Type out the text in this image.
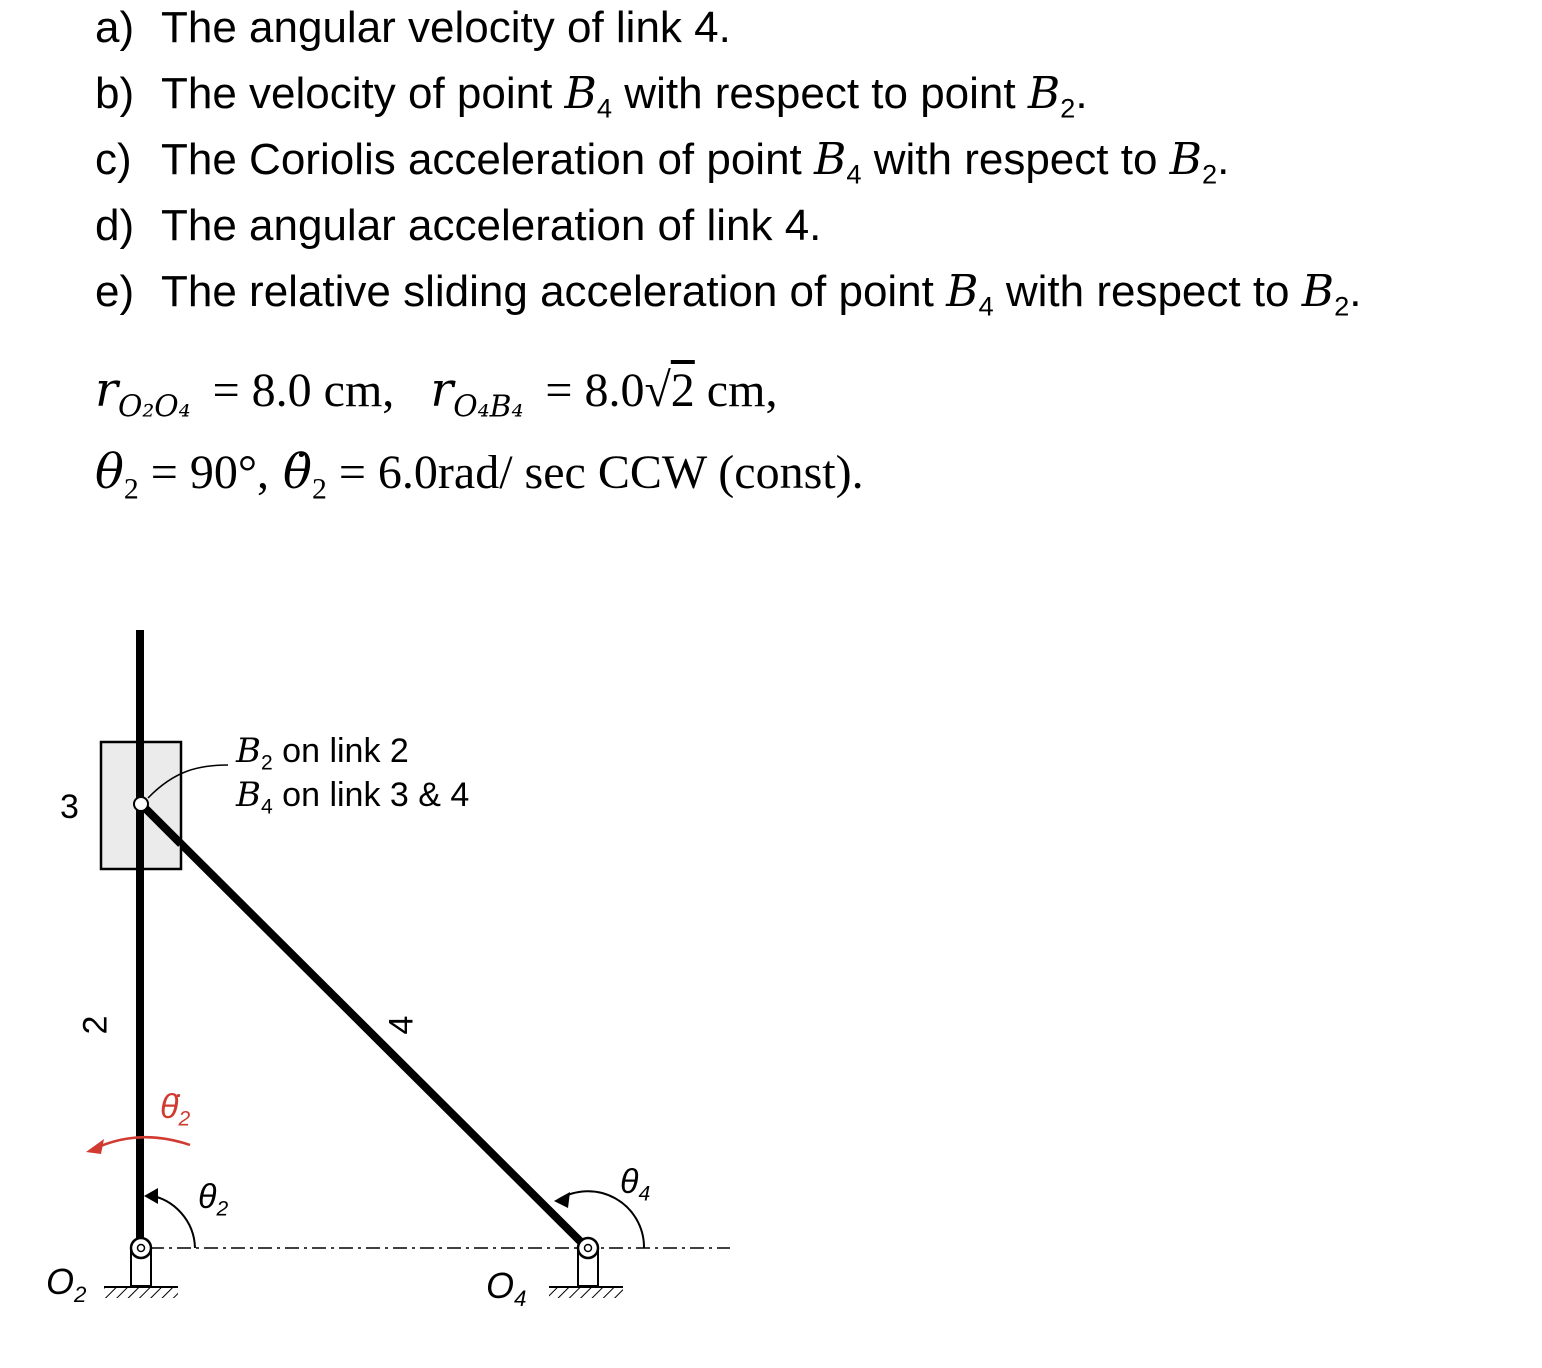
a) The angular velocity of link 4.
b) The velocity of point $B_4$ with respect to point $B_2$.
c) The Coriolis acceleration of point $B_4$ with respect to $B_2$.
d) The angular acceleration of link 4.
e) The relative sliding acceleration of point $B_4$ with respect to $B_2$.
$r_{O_2O_4} = 8.0$ cm, $r_{O_4B_4} = 8.0√2$ cm,
$\theta_2 = 90^\circ$, $\thetȧ_2 = 6.0rad/$ sec CCW (const).
3
2	4
$B_2$ on link 2
$B_4$ on link 3 & 4
$O_2$	$O_4$
$\theta_2$
$\theta_4$
$\thetȧ_2$
